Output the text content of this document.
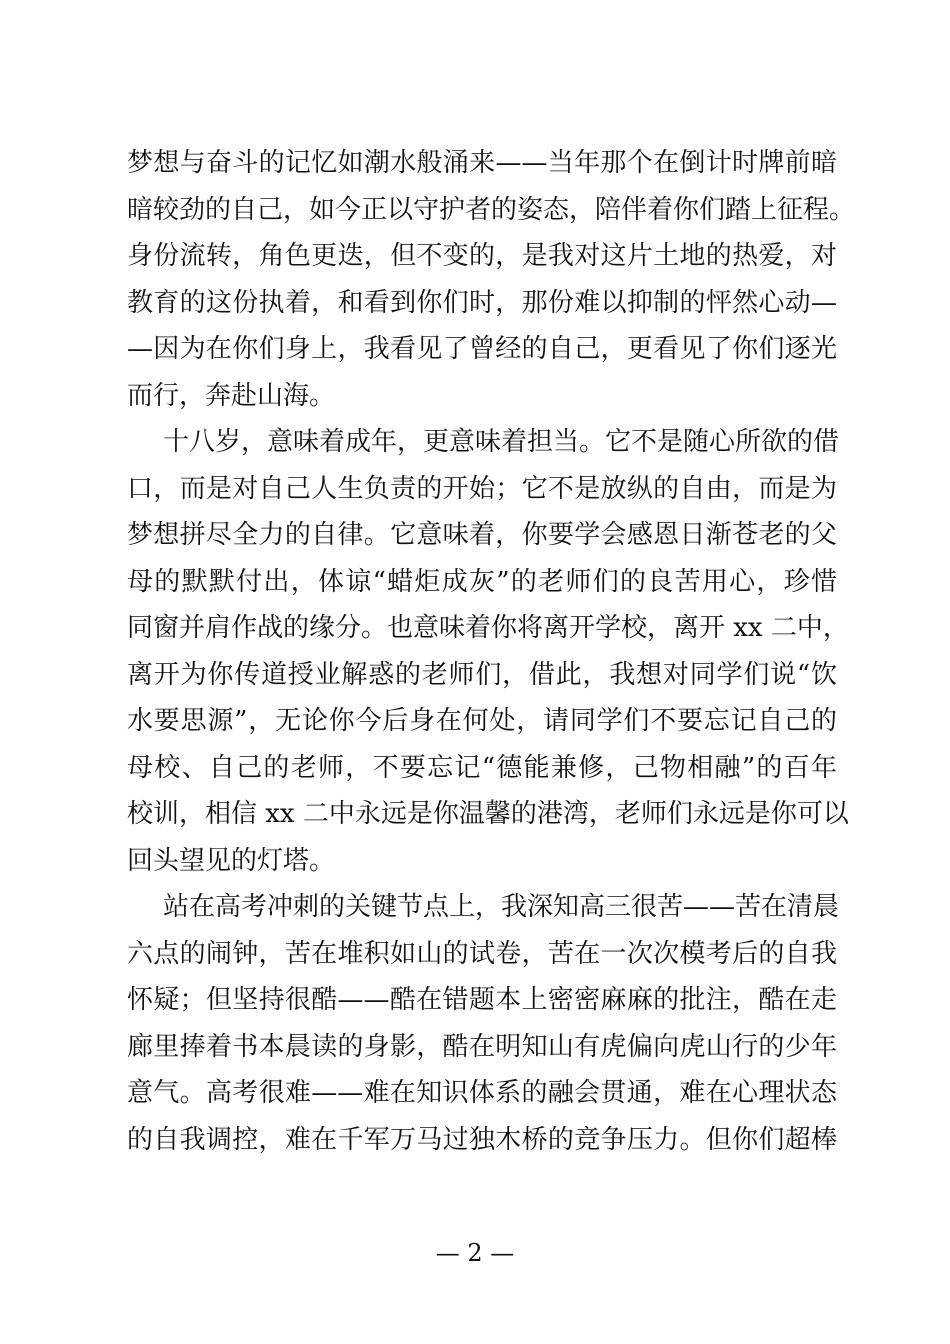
梦想与奋斗的记忆如潮水般涌来——当年那个在倒计时牌前暗
暗较劲的自己，如今正以守护者的姿态，陪伴着你们踏上征程。
身份流转，角色更迭，但不变的，是我对这片土地的热爱，对
教育的这份执着，和看到你们时，那份难以抑制的怦然心动—
—因为在你们身上，我看见了曾经的自己，更看见了你们逐光
而行，奔赴山海。
十八岁，意味着成年，更意味着担当。它不是随心所欲的借
口，而是对自己人生负责的开始；它不是放纵的自由，而是为
梦想拼尽全力的自律。它意味着，你要学会感恩日渐苍老的父
母的默默付出，体谅“蜡炬成灰”的老师们的良苦用心，珍惜
同窗并肩作战的缘分。也意味着你将离开学校，离开 xx 二中，
离开为你传道授业解惑的老师们，借此，我想对同学们说“饮
水要思源”，无论你今后身在何处，请同学们不要忘记自己的
母校、自己的老师，不要忘记“德能兼修，己物相融”的百年
校训，相信 xx 二中永远是你温馨的港湾，老师们永远是你可以
回头望见的灯塔。
站在高考冲刺的关键节点上，我深知高三很苦——苦在清晨
六点的闹钟，苦在堆积如山的试卷，苦在一次次模考后的自我
怀疑；但坚持很酷——酷在错题本上密密麻麻的批注，酷在走
廊里捧着书本晨读的身影，酷在明知山有虎偏向虎山行的少年
意气。高考很难——难在知识体系的融会贯通，难在心理状态
的自我调控，难在千军万马过独木桥的竞争压力。但你们超棒
— 2 —
